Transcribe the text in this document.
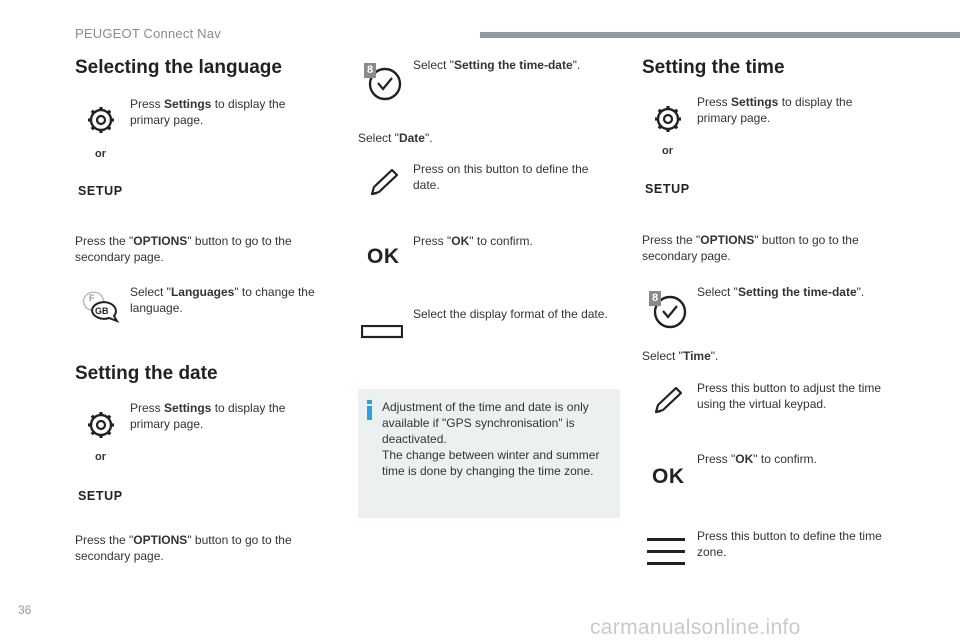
PEUGEOT Connect Nav
Selecting the language
Press Settings to display the primary page.
or
SETUP
Press the "OPTIONS" button to go to the secondary page.
F
GB
Select "Languages" to change the language.
Setting the date
Press Settings to display the primary page.
or
SETUP
Press the "OPTIONS" button to go to the secondary page.
8	Select "Setting the time-date".
Select "Date".
Press on this button to define the date.
OK
Press "OK" to confirm.
Select the display format of the date.
Adjustment of the time and date is only available if "GPS synchronisation" is deactivated.
The change between winter and summer time is done by changing the time zone.
Setting the time
Press Settings to display the primary page.
or
SETUP
Press the "OPTIONS" button to go to the secondary page.
8	Select "Setting the time-date".
Select "Time".
Press this button to adjust the time using the virtual keypad.
OK
Press "OK" to confirm.
Press this button to define the time zone.
36
carmanualsonline.info
